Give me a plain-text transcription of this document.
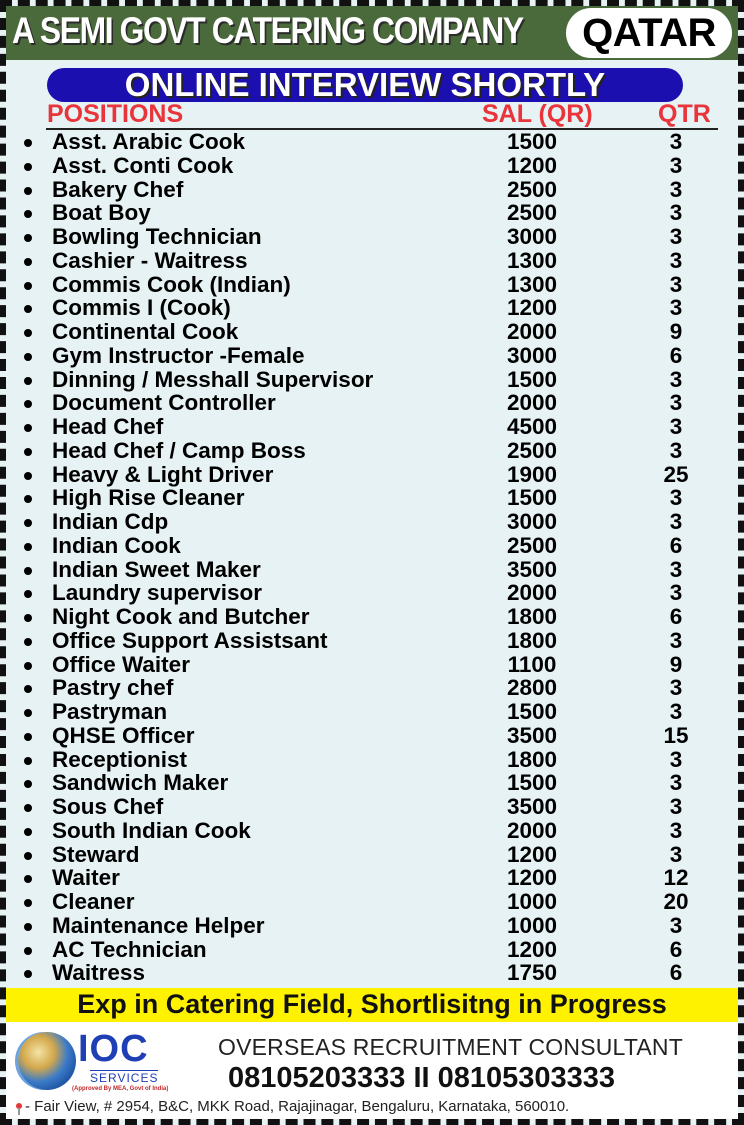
A SEMI GOVT CATERING COMPANY QATAR
ONLINE INTERVIEW SHORTLY
POSITIONS	SAL (QR)	QTR
Asst. Arabic Cook	1500	3
Asst. Conti Cook	1200	3
Bakery Chef	2500	3
Boat Boy	2500	3
Bowling Technician	3000	3
Cashier - Waitress	1300	3
Commis Cook (Indian)	1300	3
Commis I (Cook)	1200	3
Continental Cook	2000	9
Gym Instructor -Female	3000	6
Dinning / Messhall Supervisor	1500	3
Document Controller	2000	3
Head Chef	4500	3
Head Chef / Camp Boss	2500	3
Heavy & Light Driver	1900	25
High Rise Cleaner	1500	3
Indian Cdp	3000	3
Indian Cook	2500	6
Indian Sweet Maker	3500	3
Laundry supervisor	2000	3
Night Cook and Butcher	1800	6
Office Support Assistsant	1800	3
Office Waiter	1100	9
Pastry chef	2800	3
Pastryman	1500	3
QHSE Officer	3500	15
Receptionist	1800	3
Sandwich Maker	1500	3
Sous Chef	3500	3
South Indian Cook	2000	3
Steward	1200	3
Waiter	1200	12
Cleaner	1000	20
Maintenance Helper	1000	3
AC Technician	1200	6
Waitress	1750	6
Exp in Catering Field, Shortlisitng in Progress
IOC
SERVICES
(Approved By MEA, Govt of India)
OVERSEAS RECRUITMENT CONSULTANT
08105203333 II 08105303333
- Fair View, # 2954, B&C, MKK Road, Rajajinagar, Bengaluru, Karnataka, 560010.
